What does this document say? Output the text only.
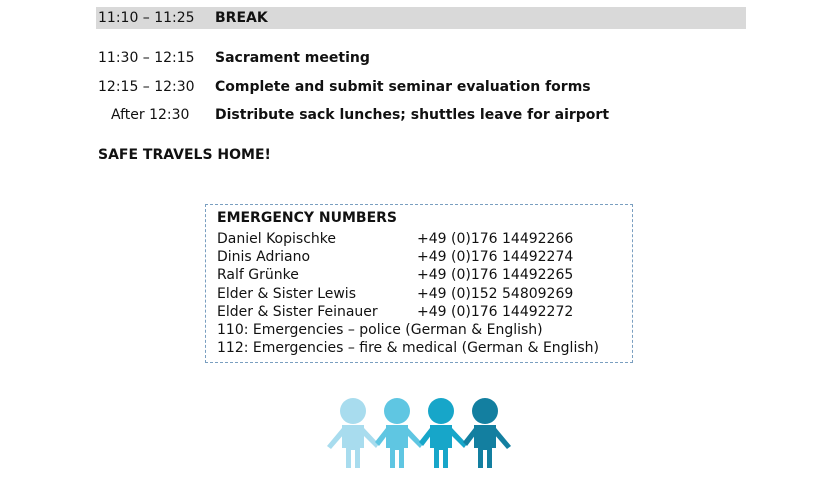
11:10 – 11:25 BREAK
11:30 – 12:15 Sacrament meeting
12:15 – 12:30 Complete and submit seminar evaluation forms
After 12:30 Distribute sack lunches; shuttles leave for airport
SAFE TRAVELS HOME!
EMERGENCY NUMBERS
Daniel Kopischke	+49 (0)176 14492266
Dinis Adriano	+49 (0)176 14492274
Ralf Grünke	+49 (0)176 14492265
Elder & Sister Lewis	+49 (0)152 54809269
Elder & Sister Feinauer	+49 (0)176 14492272
110: Emergencies – police (German & English)
112: Emergencies – fire & medical (German & English)
